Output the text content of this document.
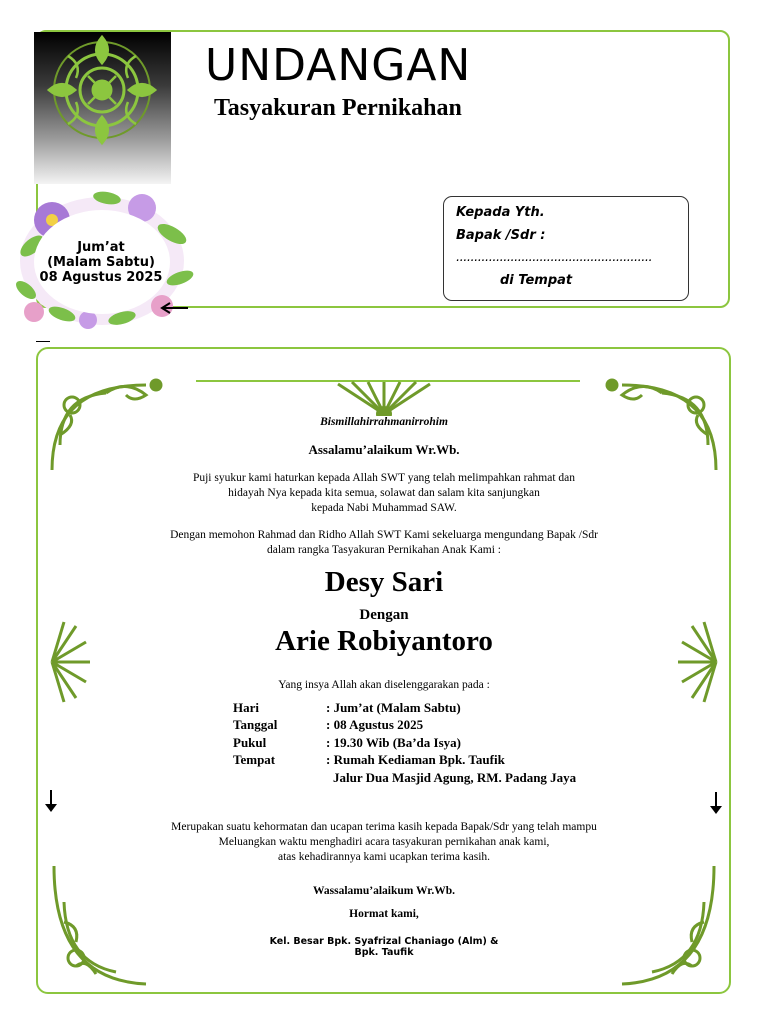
UNDANGAN
Tasyakuran Pernikahan
Jum’at
(Malam Sabtu)
08 Agustus 2025
Kepada Yth.
Bapak /Sdr :
......................................................
di Tempat
Bismillahirrahmanirrohim
Assalamu’alaikum Wr.Wb.
Puji syukur kami haturkan kepada Allah SWT yang telah melimpahkan rahmat dan
hidayah Nya kepada kita semua, solawat dan salam kita sanjungkan
kepada Nabi Muhammad SAW.
Dengan memohon Rahmad dan Ridho Allah SWT Kami sekeluarga mengundang Bapak /Sdr
dalam rangka Tasyakuran Pernikahan Anak Kami :
Desy Sari
Dengan
Arie Robiyantoro
Yang insya Allah akan diselenggarakan pada :
Hari	: Jum’at (Malam Sabtu)
Tanggal	: 08 Agustus 2025
Pukul	: 19.30 Wib (Ba’da Isya)
Tempat	: Rumah Kediaman Bpk. Taufik
Jalur Dua Masjid Agung, RM. Padang Jaya
Merupakan suatu kehormatan dan ucapan terima kasih kepada Bapak/Sdr yang telah mampu
Meluangkan waktu menghadiri acara tasyakuran pernikahan anak kami,
atas kehadirannya kami ucapkan terima kasih.
Wassalamu’alaikum Wr.Wb.
Hormat kami,
Kel. Besar Bpk. Syafrizal Chaniago (Alm) &
Bpk. Taufik
